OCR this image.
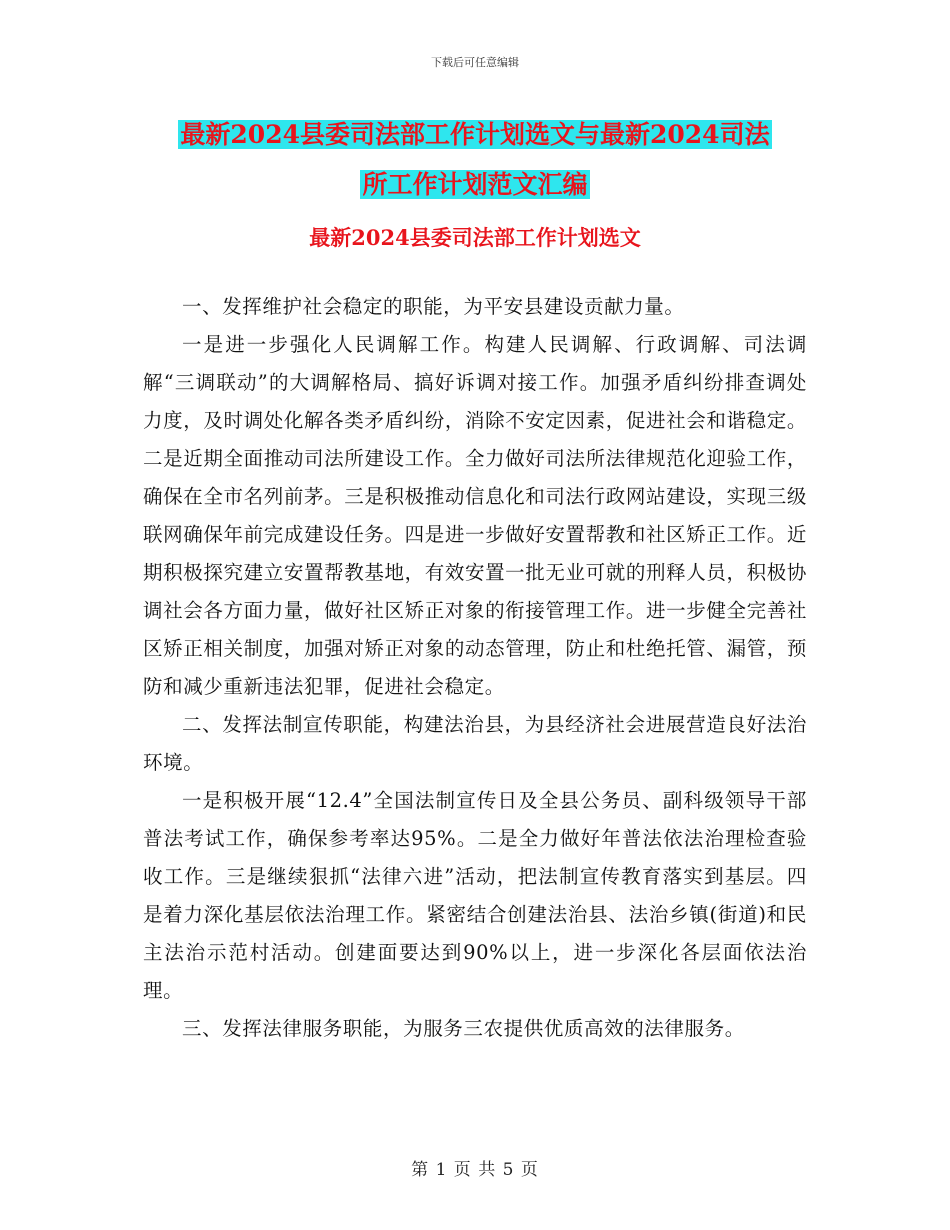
下载后可任意编辑
最新2024县委司法部工作计划选文与最新2024司法
所工作计划范文汇编
最新2024县委司法部工作计划选文

一、发挥维护社会稳定的职能，为平安县建设贡献力量。

一是进一步强化人民调解工作。构建人民调解、行政调解、司法调解“三调联动”的大调解格局、搞好诉调对接工作。加强矛盾纠纷排查调处力度，及时调处化解各类矛盾纠纷，消除不安定因素，促进社会和谐稳定。二是近期全面推动司法所建设工作。全力做好司法所法律规范化迎验工作，确保在全市名列前茅。三是积极推动信息化和司法行政网站建设，实现三级联网确保年前完成建设任务。四是进一步做好安置帮教和社区矫正工作。近期积极探究建立安置帮教基地，有效安置一批无业可就的刑释人员，积极协调社会各方面力量，做好社区矫正对象的衔接管理工作。进一步健全完善社区矫正相关制度，加强对矫正对象的动态管理，防止和杜绝托管、漏管，预防和减少重新违法犯罪，促进社会稳定。

二、发挥法制宣传职能，构建法治县，为县经济社会进展营造良好法治环境。

一是积极开展“12.4”全国法制宣传日及全县公务员、副科级领导干部普法考试工作，确保参考率达95%。二是全力做好年普法依法治理检查验收工作。三是继续狠抓“法律六进”活动，把法制宣传教育落实到基层。四是着力深化基层依法治理工作。紧密结合创建法治县、法治乡镇(街道)和民主法治示范村活动。创建面要达到90%以上，进一步深化各层面依法治理。

三、发挥法律服务职能，为服务三农提供优质高效的法律服务。

第 1 页 共 5 页
